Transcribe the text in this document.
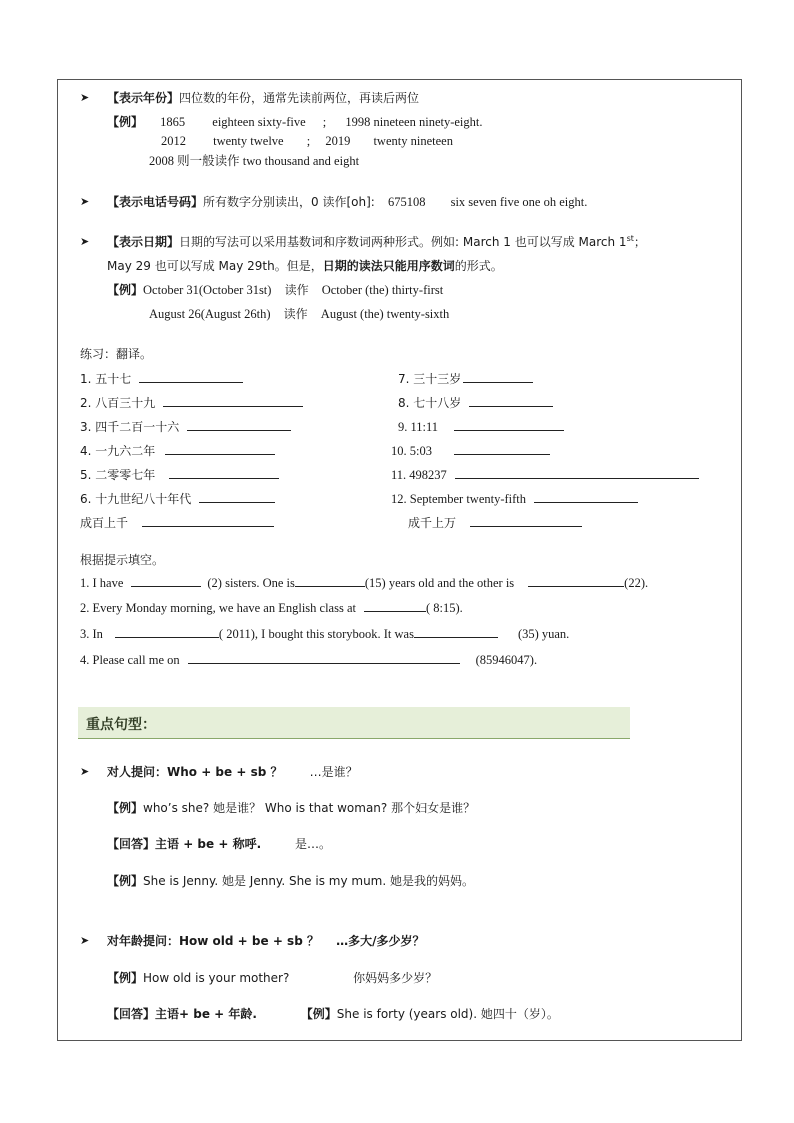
➤ 【表示年份】四位数的年份，通常先读前两位，再读后两位
【例】 1865 eighteen sixty-five ; 1998 nineteen ninety-eight.
2012 twenty twelve ; 2019 twenty nineteen
2008 则一般读作 two thousand and eight
➤ 【表示电话号码】所有数字分别读出，0 读作[oh]: 675108 six seven five one oh eight.
➤ 【表示日期】日期的写法可以采用基数词和序数词两种形式。例如: March 1 也可以写成 March 1st；
May 29 也可以写成 May 29th。但是，日期的读法只能用序数词的形式。
【例】October 31(October 31st) 读作 October (the) thirty-first
August 26(August 26th) 读作 August (the) twenty-sixth
练习：翻译。
1. 五十七
2. 八百三十九
3. 四千二百一十六
4. 一九六二年
5. 二零零七年
6. 十九世纪八十年代
成百上千
7. 三十三岁
8. 七十八岁
9. 11:11
10. 5:03
11. 498237
12. September twenty-fifth
成千上万
根据提示填空。
1. I have	(2) sisters. One is	(15) years old and the other is	(22).
2. Every Monday morning, we have an English class at	( 8:15).
3. In	( 2011), I bought this storybook. It was	(35) yuan.
4. Please call me on	(85946047).
重点句型：
➤ 对人提问：Who + be + sb ？ …是谁？
【例】who’s she? 她是谁？ Who is that woman? 那个妇女是谁？
【回答】主语 + be + 称呼.	是…。
【例】She is Jenny. 她是 Jenny. She is my mum. 她是我的妈妈。
➤ 对年龄提问：How old + be + sb ？ …多大/多少岁？
【例】How old is your mother?	你妈妈多少岁？
【回答】主语+ be + 年龄.	【例】She is forty (years old). 她四十（岁）。
